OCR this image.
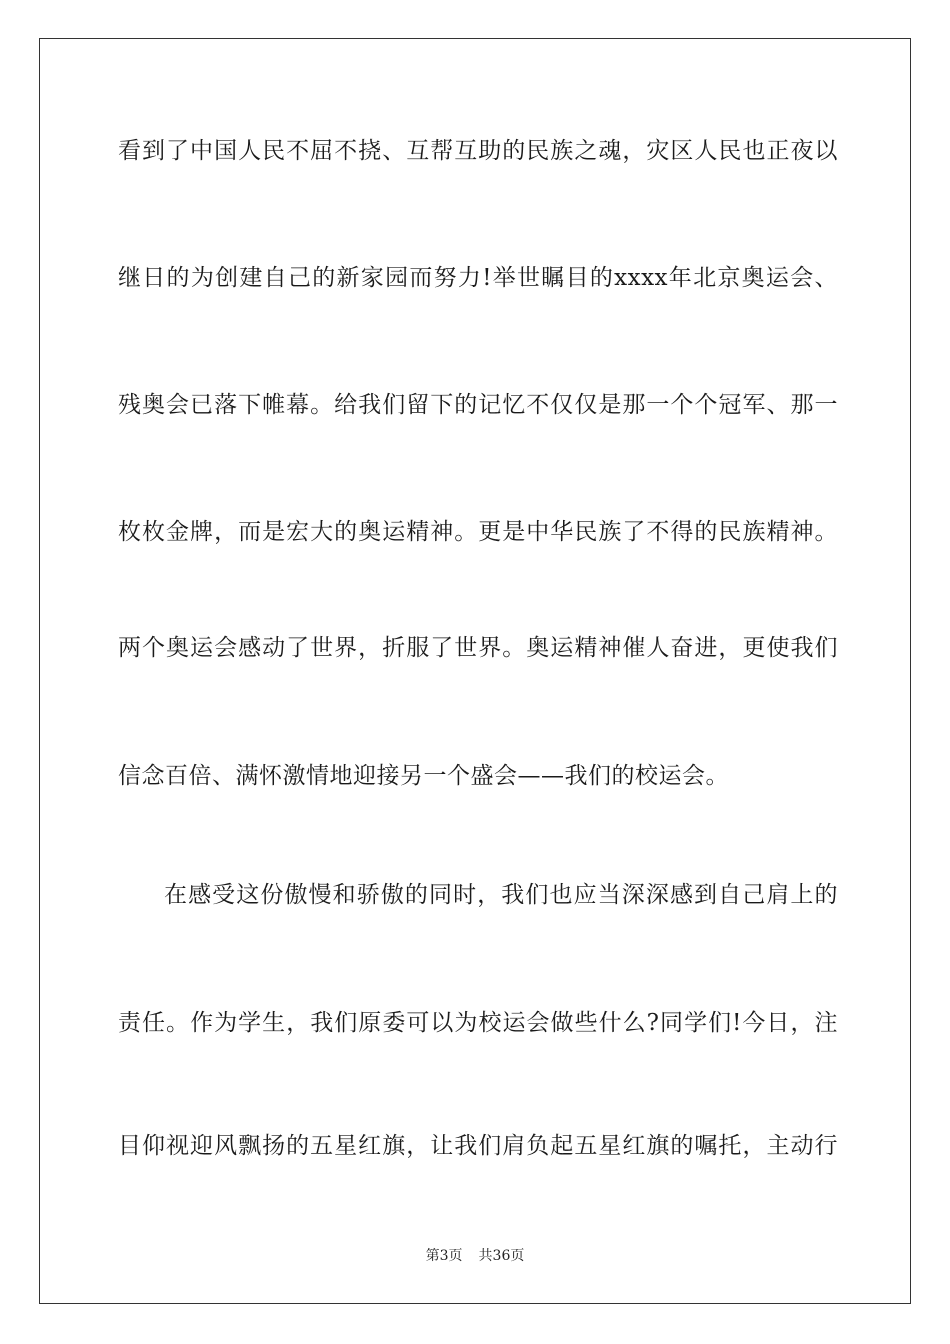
看到了中国人民不屈不挠、互帮互助的民族之魂，灾区人民也正夜以
继日的为创建自己的新家园而努力!举世瞩目的xxxx年北京奥运会、
残奥会已落下帷幕。给我们留下的记忆不仅仅是那一个个冠军、那一
枚枚金牌，而是宏大的奥运精神。更是中华民族了不得的民族精神。
两个奥运会感动了世界，折服了世界。奥运精神催人奋进，更使我们
信念百倍、满怀激情地迎接另一个盛会——我们的校运会。
在感受这份傲慢和骄傲的同时，我们也应当深深感到自己肩上的
责任。作为学生，我们原委可以为校运会做些什么?同学们!今日，注
目仰视迎风飘扬的五星红旗，让我们肩负起五星红旗的嘱托，主动行
第3页 共36页
